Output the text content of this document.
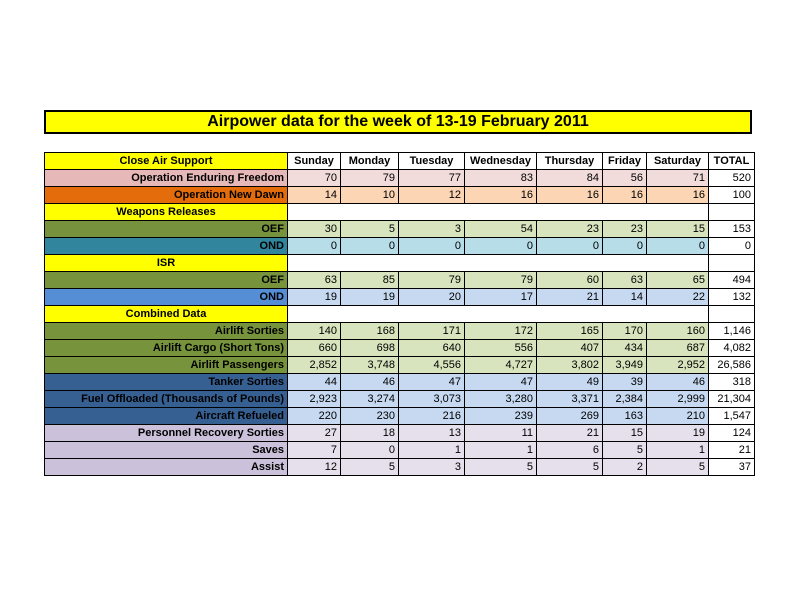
Airpower data for the week of 13-19 February 2011
Close Air Support	Sunday	Monday	Tuesday	Wednesday	Thursday	Friday	Saturday	TOTAL
Operation Enduring Freedom	70	79	77	83	84	56	71	520
Operation New Dawn	14	10	12	16	16	16	16	100
Weapons Releases								
OEF	30	5	3	54	23	23	15	153
OND	0	0	0	0	0	0	0	0
ISR								
OEF	63	85	79	79	60	63	65	494
OND	19	19	20	17	21	14	22	132
Combined Data								
Airlift Sorties	140	168	171	172	165	170	160	1,146
Airlift Cargo (Short Tons)	660	698	640	556	407	434	687	4,082
Airlift Passengers	2,852	3,748	4,556	4,727	3,802	3,949	2,952	26,586
Tanker Sorties	44	46	47	47	49	39	46	318
Fuel Offloaded (Thousands of Pounds)	2,923	3,274	3,073	3,280	3,371	2,384	2,999	21,304
Aircraft Refueled	220	230	216	239	269	163	210	1,547
Personnel Recovery Sorties	27	18	13	11	21	15	19	124
Saves	7	0	1	1	6	5	1	21
Assist	12	5	3	5	5	2	5	37
